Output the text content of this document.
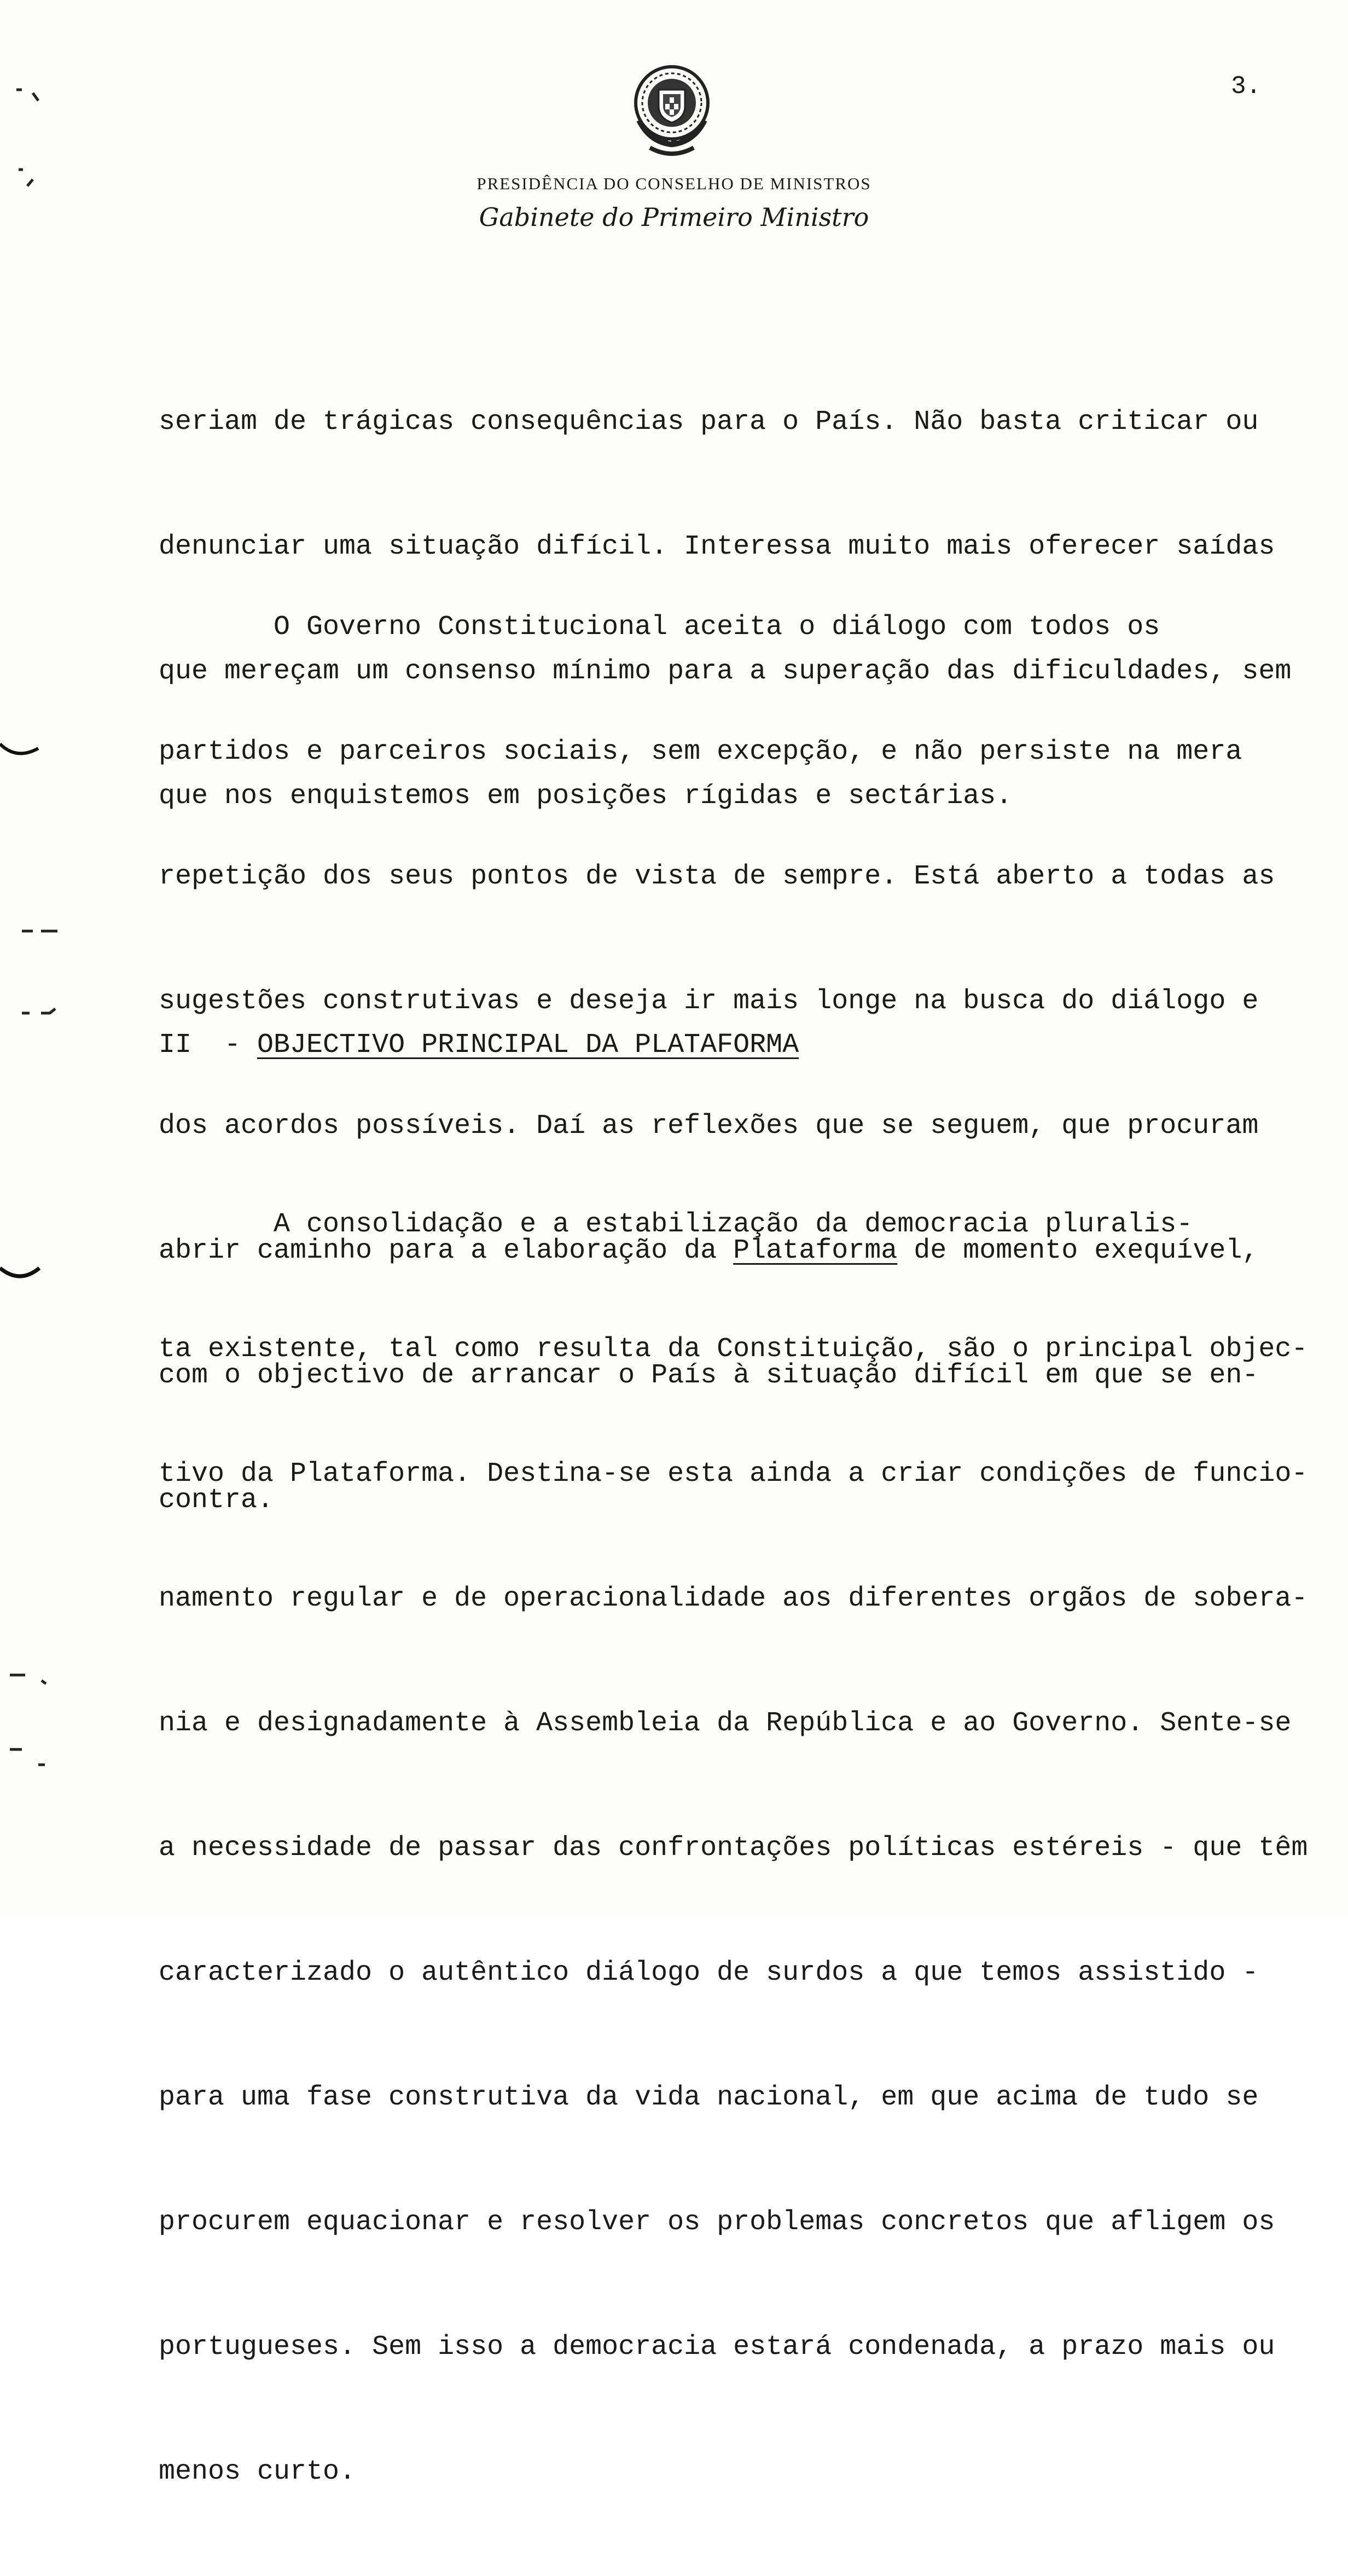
3.
PRESIDÊNCIA DO CONSELHO DE MINISTROS
Gabinete do Primeiro Ministro

seriam de trágicas consequências para o País. Não basta criticar ou

denunciar uma situação difícil. Interessa muito mais oferecer saídas

que mereçam um consenso mínimo para a superação das dificuldades, sem

que nos enquistemos em posições rígidas e sectárias.

O Governo Constitucional aceita o diálogo com todos os

partidos e parceiros sociais, sem excepção, e não persiste na mera

repetição dos seus pontos de vista de sempre. Está aberto a todas as

sugestões construtivas e deseja ir mais longe na busca do diálogo e

dos acordos possíveis. Daí as reflexões que se seguem, que procuram

abrir caminho para a elaboração da Plataforma de momento exequível,

com o objectivo de arrancar o País à situação difícil em que se en-

contra.

II  - OBJECTIVO PRINCIPAL DA PLATAFORMA

A consolidação e a estabilização da democracia pluralis-

ta existente, tal como resulta da Constituição, são o principal objec-

tivo da Plataforma. Destina-se esta ainda a criar condições de funcio-

namento regular e de operacionalidade aos diferentes orgãos de sobera-

nia e designadamente à Assembleia da República e ao Governo. Sente-se

a necessidade de passar das confrontações políticas estéreis - que têm

caracterizado o autêntico diálogo de surdos a que temos assistido -

para uma fase construtiva da vida nacional, em que acima de tudo se

procurem equacionar e resolver os problemas concretos que afligem os

portugueses. Sem isso a democracia estará condenada, a prazo mais ou

menos curto.
